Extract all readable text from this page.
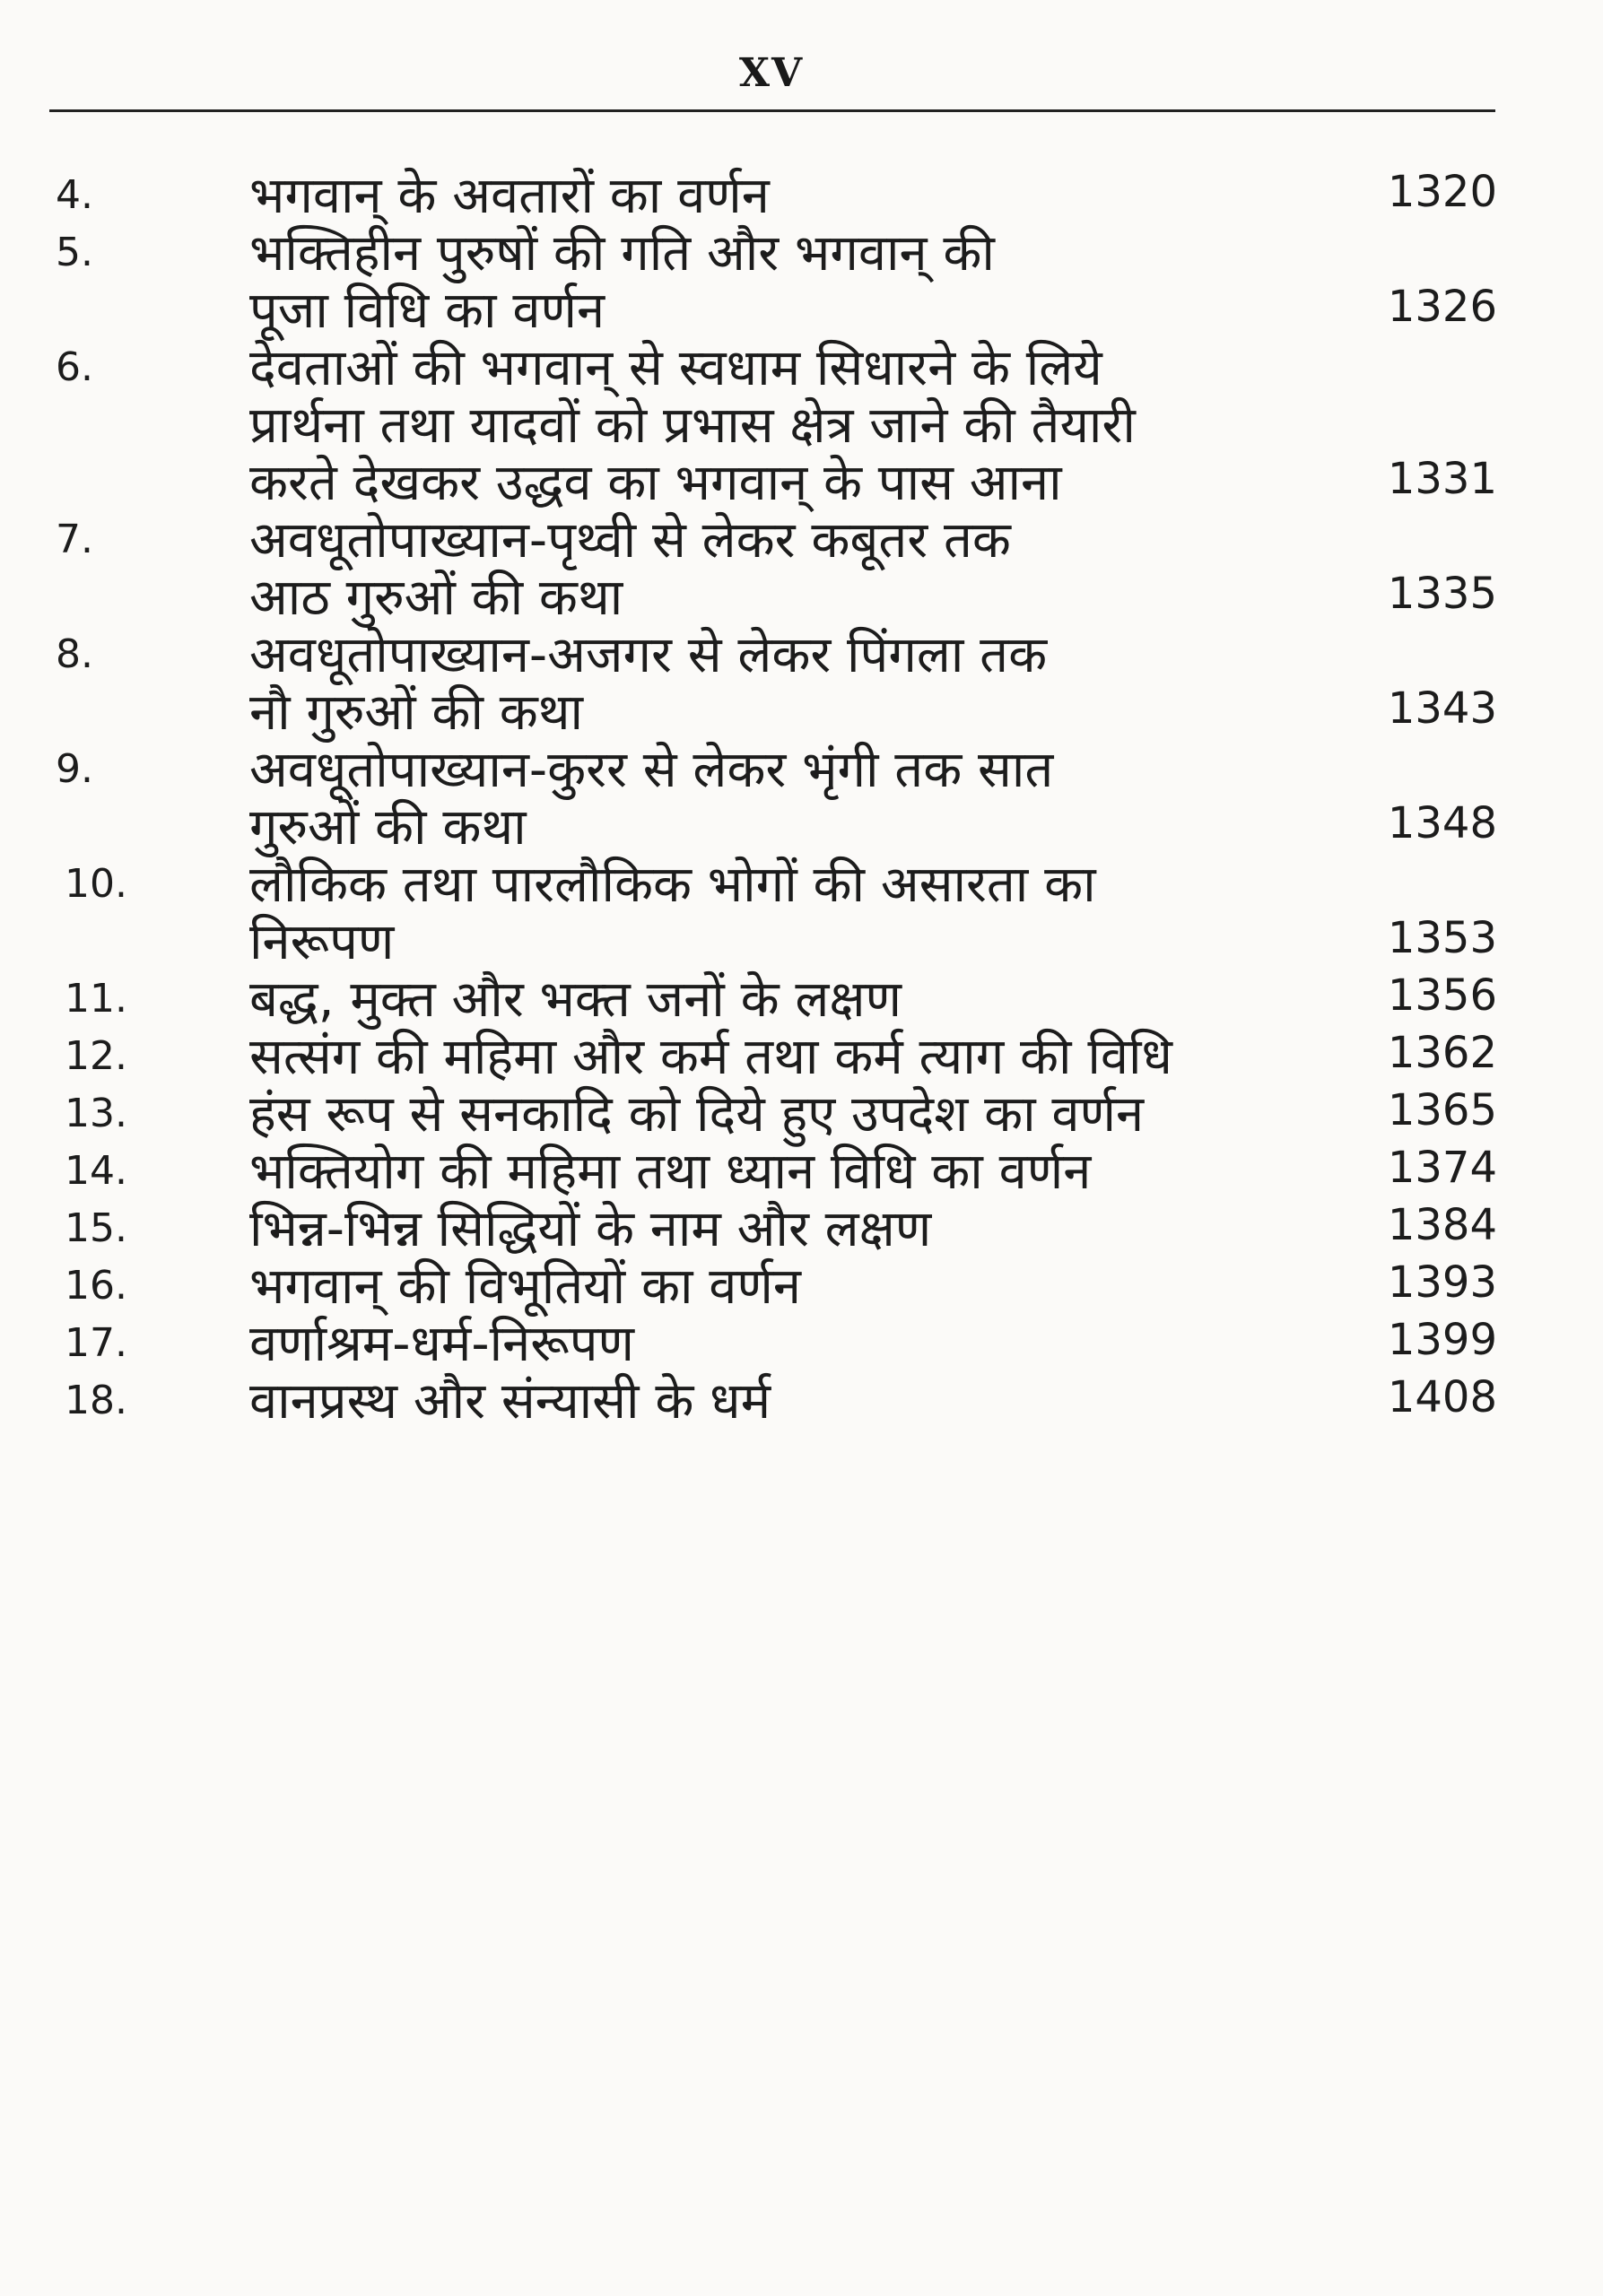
XV
4.	भगवान् के अवतारों का वर्णन	1320
5.	भक्तिहीन पुरुषों की गति और भगवान् की
पूजा विधि का वर्णन	1326
6.	देवताओं की भगवान् से स्वधाम सिधारने के लिये
प्रार्थना तथा यादवों को प्रभास क्षेत्र जाने की तैयारी
करते देखकर उद्धव का भगवान् के पास आना	1331
7.	अवधूतोपाख्यान-पृथ्वी से लेकर कबूतर तक
आठ गुरुओं की कथा	1335
8.	अवधूतोपाख्यान-अजगर से लेकर पिंगला तक
नौ गुरुओं की कथा	1343
9.	अवधूतोपाख्यान-कुरर से लेकर भृंगी तक सात
गुरुओं की कथा	1348
10. लौकिक तथा पारलौकिक भोगों की असारता का
निरूपण	1353
11. बद्ध, मुक्त और भक्त जनों के लक्षण	1356
12. सत्संग की महिमा और कर्म तथा कर्म त्याग की विधि	1362
13. हंस रूप से सनकादि को दिये हुए उपदेश का वर्णन	1365
14. भक्तियोग की महिमा तथा ध्यान विधि का वर्णन	1374
15. भिन्न-भिन्न सिद्धियों के नाम और लक्षण	1384
16. भगवान् की विभूतियों का वर्णन	1393
17. वर्णाश्रम-धर्म-निरूपण	1399
18. वानप्रस्थ और संन्यासी के धर्म	1408
